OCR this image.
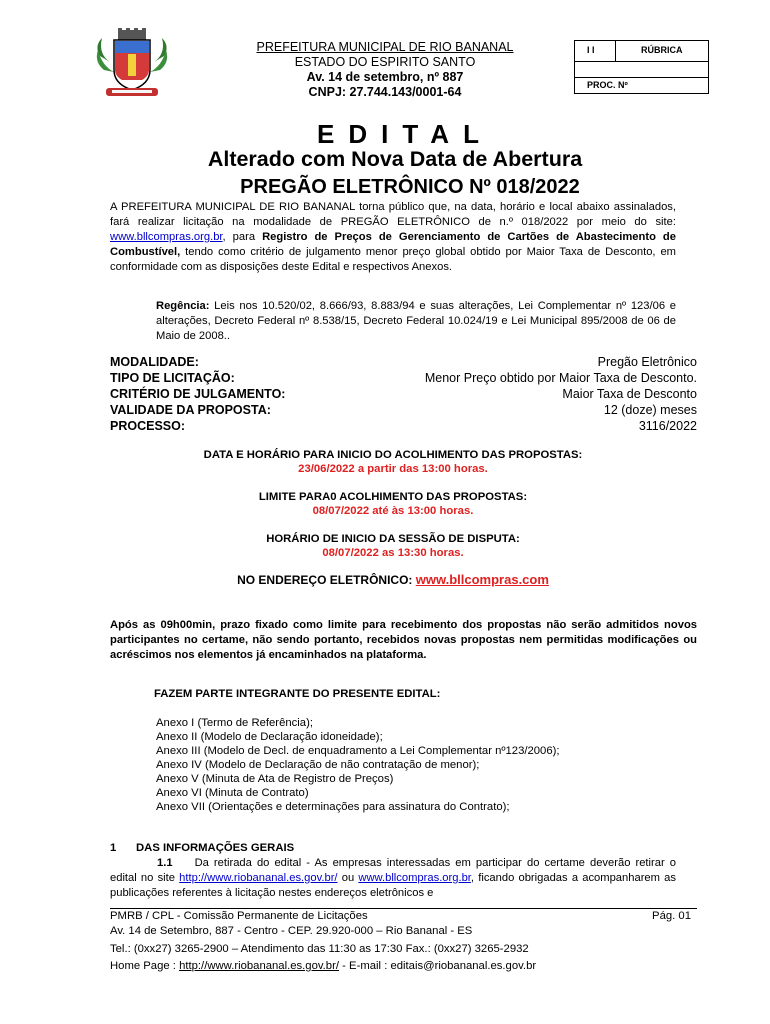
PREFEITURA MUNICIPAL DE RIO BANANAL
ESTADO DO ESPIRITO SANTO
Av. 14 de setembro, nº 887
CNPJ: 27.744.143/0001-64
I I	RÚBRICA
PROC. Nº
EDITAL
Alterado com Nova Data de Abertura
PREGÃO ELETRÔNICO Nº 018/2022
A PREFEITURA MUNICIPAL DE RIO BANANAL torna público que, na data, horário e local abaixo assinalados, fará realizar licitação na modalidade de PREGÃO ELETRÔNICO de n.º 018/2022 por meio do site: www.bllcompras.org.br, para Registro de Preços de Gerenciamento de Cartões de Abastecimento de Combustível, tendo como critério de julgamento menor preço global obtido por Maior Taxa de Desconto, em conformidade com as disposições deste Edital e respectivos Anexos.
Regência: Leis nos 10.520/02, 8.666/93, 8.883/94 e suas alterações, Lei Complementar nº 123/06 e alterações, Decreto Federal nº 8.538/15, Decreto Federal 10.024/19 e Lei Municipal 895/2008 de 06 de Maio de 2008..
MODALIDADE:	Pregão Eletrônico
TIPO DE LICITAÇÃO:	Menor Preço obtido por Maior Taxa de Desconto.
CRITÉRIO DE JULGAMENTO:	Maior Taxa de Desconto
VALIDADE DA PROPOSTA:	12 (doze) meses
PROCESSO:	3116/2022
DATA E HORÁRIO PARA INICIO DO ACOLHIMENTO DAS PROPOSTAS:
23/06/2022 a partir das 13:00 horas.
LIMITE PARA0 ACOLHIMENTO DAS PROPOSTAS:
08/07/2022 até às 13:00 horas.
HORÁRIO DE INICIO DA SESSÃO DE DISPUTA:
08/07/2022 as 13:30 horas.
NO ENDEREÇO ELETRÔNICO: www.bllcompras.com
Após as 09h00min, prazo fixado como limite para recebimento dos propostas não serão admitidos novos participantes no certame, não sendo portanto, recebidos novas propostas nem permitidas modificações ou acréscimos nos elementos já encaminhados na plataforma.
FAZEM PARTE INTEGRANTE DO PRESENTE EDITAL:
Anexo I (Termo de Referência);
Anexo II (Modelo de Declaração idoneidade);
Anexo III (Modelo de Decl. de enquadramento a Lei Complementar nº123/2006);
Anexo IV (Modelo de Declaração de não contratação de menor);
Anexo V (Minuta de Ata de Registro de Preços)
Anexo VI (Minuta de Contrato)
Anexo VII (Orientações e determinações para assinatura do Contrato);
1 DAS INFORMAÇÕES GERAIS
1.1 Da retirada do edital - As empresas interessadas em participar do certame deverão retirar o edital no site http://www.riobananal.es.gov.br/ ou www.bllcompras.org.br, ficando obrigadas a acompanharem as publicações referentes à licitação nestes endereços eletrônicos e
PMRB / CPL - Comissão Permanente de Licitações	Pág. 01
Av. 14 de Setembro, 887 - Centro - CEP. 29.920-000 – Rio Bananal - ES
Tel.: (0xx27) 3265-2900 – Atendimento das 11:30 as 17:30 Fax.: (0xx27) 3265-2932
Home Page : http://www.riobananal.es.gov.br/ - E-mail : editais@riobananal.es.gov.br
